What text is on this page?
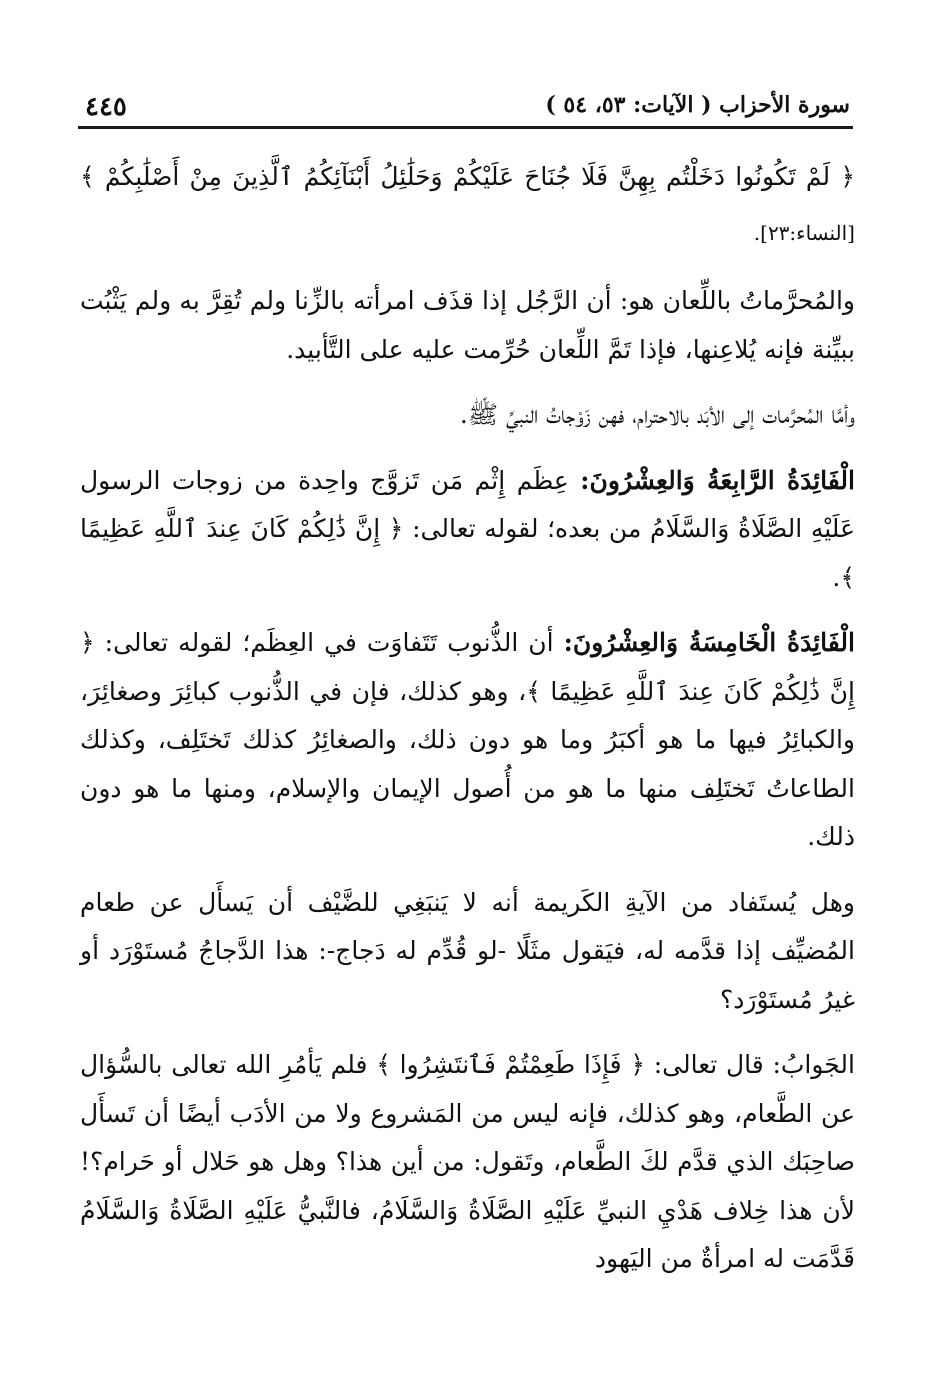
٤٤٥	سورة الأحزاب ( الآيات: ٥٣، ٥٤ )

﴿ لَمْ تَكُونُوا دَخَلْتُم بِهِنَّ فَلَا جُنَاحَ عَلَيْكُمْ وَحَلَٰئِلُ أَبْنَآئِكُمُ ٱلَّذِينَ مِنْ أَصْلَٰبِكُمْ ﴾ [النساء:٢٣].

والمُحرَّماتُ باللِّعان هو: أن الرَّجُل إذا قذَف امرأته بالزِّنا ولم تُقِرَّ به ولم يَثْبُت ببيِّنة فإنه يُلاعِنها، فإذا تَمَّ اللِّعان حُرِّمت عليه على التَّأبيد.

وأمَّا المُحرَّمات إلى الأبَد بالاحترام، فهن زَوْجاتُ النبيِّ ﷺ.

الْفَائِدَةُ الرَّابِعَةُ وَالعِشْرُونَ: عِظَم إِثْم مَن تَزوَّج واحِدة من زوجات الرسول عَلَيْهِ الصَّلَاةُ وَالسَّلَامُ من بعده؛ لقوله تعالى: ﴿ إِنَّ ذَٰلِكُمْ كَانَ عِندَ ٱللَّهِ عَظِيمًا ﴾.

الْفَائِدَةُ الْخَامِسَةُ وَالعِشْرُونَ: أن الذُّنوب تَتَفاوَت في العِظَم؛ لقوله تعالى: ﴿ إِنَّ ذَٰلِكُمْ كَانَ عِندَ ٱللَّهِ عَظِيمًا ﴾، وهو كذلك، فإن في الذُّنوب كبائِرَ وصغائِرَ، والكبائِرُ فيها ما هو أكبَرُ وما هو دون ذلك، والصغائِرُ كذلك تَختَلِف، وكذلك الطاعاتُ تَختَلِف منها ما هو من أُصول الإيمان والإسلام، ومنها ما هو دون ذلك.

وهل يُستَفاد من الآيةِ الكَريمة أنه لا يَنبَغِي للضَّيْف أن يَسأَل عن طعام المُضيِّف إذا قدَّمه له، فيَقول مثَلًا -لو قُدِّم له دَجاج-: هذا الدَّجاجُ مُستَوْرَد أو غيرُ مُستَوْرَد؟

الجَوابُ: قال تعالى: ﴿ فَإِذَا طَعِمْتُمْ فَٱنتَشِرُوا ﴾ فلم يَأمُرِ الله تعالى بالسُّؤال عن الطَّعام، وهو كذلك، فإنه ليس من المَشروع ولا من الأدَب أيضًا أن تَسأَل صاحِبَك الذي قدَّم لكَ الطَّعام، وتَقول: من أين هذا؟ وهل هو حَلال أو حَرام؟! لأن هذا خِلاف هَدْيِ النبيِّ عَلَيْهِ الصَّلَاةُ وَالسَّلَامُ، فالنَّبيُّ عَلَيْهِ الصَّلَاةُ وَالسَّلَامُ قَدَّمَت له امرأةٌ من اليَهود
